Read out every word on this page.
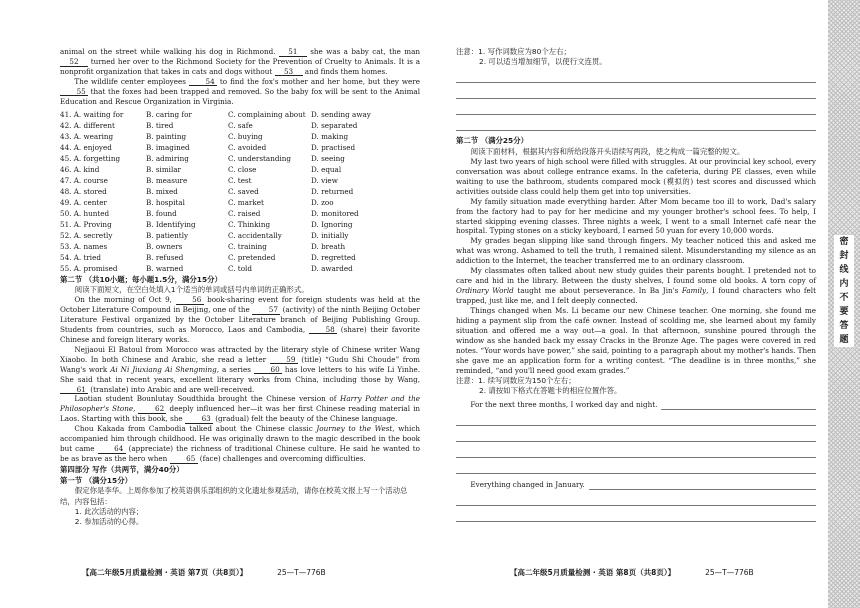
animal on the street while walking his dog in Richmond. 51 she was a baby cat, the man 52 turned her over to the Richmond Society for the Prevention of Cruelty to Animals. It is a nonprofit organization that takes in cats and dogs without 53 and finds them homes.
The wildlife center employees 54 to find the fox's mother and her home, but they were 55 that the foxes had been trapped and removed. So the baby fox will be sent to the Animal Education and Rescue Organization in Virginia.
41. A. waiting for	B. caring for	C. complaining about D. sending away
42. A. different	B. tired	C. safe	D. separated
43. A. wearing	B. painting	C. buying	D. making
44. A. enjoyed	B. imagined	C. avoided	D. practised
45. A. forgetting	B. admiring	C. understanding	D. seeing
46. A. kind	B. similar	C. close	D. equal
47. A. course	B. measure	C. test	D. view
48. A. stored	B. mixed	C. saved	D. returned
49. A. center	B. hospital	C. market	D. zoo
50. A. hunted	B. found	C. raised	D. monitored
51. A. Proving	B. Identifying	C. Thinking	D. Ignoring
52. A. secretly	B. patiently	C. accidentally	D. initially
53. A. names	B. owners	C. training	D. breath
54. A. tried	B. refused	C. pretended	D. regretted
55. A. promised	B. warned	C. told	D. awarded
第二节 （共10小题；每小题1.5分，满分15分）
阅读下面短文，在空白处填入1个适当的单词或括号内单词的正确形式。
On the morning of Oct 9, 56 book-sharing event for foreign students was held at the October Literature Compound in Beijing, one of the 57 (activity) of the ninth Beijing October Literature Festival organized by the October Literature branch of Beijing Publishing Group. Students from countries, such as Morocco, Laos and Cambodia, 58 (share) their favorite Chinese and foreign literary works.
Nejjaoui El Batoul from Morocco was attracted by the literary style of Chinese writer Wang Xiaobo. In both Chinese and Arabic, she read a letter 59 (title) “Gudu Shi Choude” from Wang's work Ai Ni Jiuxiang Ai Shengming, a series 60 has love letters to his wife Li Yinhe. She said that in recent years, excellent literary works from China, including those by Wang, 61 (translate) into Arabic and are well-received.
Laotian student Bounlutay Soudthida brought the Chinese version of Harry Potter and the Philosopher's Stone, 62 deeply influenced her—it was her first Chinese reading material in Laos. Starting with this book, she 63 (gradual) felt the beauty of the Chinese language.
Chou Kakada from Cambodia talked about the Chinese classic Journey to the West, which accompanied him through childhood. He was originally drawn to the magic described in the book but came 64 (appreciate) the richness of traditional Chinese culture. He said he wanted to be as brave as the hero when 65 (face) challenges and overcoming difficulties.
第四部分 写作（共两节，满分40分）
第一节 （满分15分）
假定你是李华。上周你参加了校英语俱乐部组织的文化遗址参观活动，请你在校英文报上写一个活动总结，内容包括：
1. 此次活动的内容；
2. 参加活动的心得。
【高二年级5月质量检测 · 英语 第7页（共8页）】	25—T—776B
注意：1. 写作词数应为80个左右；
2. 可以适当增加细节，以使行文连贯。
第二节 （满分25分）
阅读下面材料，根据其内容和所给段落开头语续写两段，使之构成一篇完整的短文。
My last two years of high school were filled with struggles. At our provincial key school, every conversation was about college entrance exams. In the cafeteria, during PE classes, even while waiting to use the bathroom, students compared mock (模拟的) test scores and discussed which activities outside class could help them get into top universities.
My family situation made everything harder. After Mom became too ill to work, Dad's salary from the factory had to pay for her medicine and my younger brother's school fees. To help, I started skipping evening classes. Three nights a week, I went to a small Internet café near the hospital. Typing stones on a sticky keyboard, I earned 50 yuan for every 10,000 words.
My grades began slipping like sand through fingers. My teacher noticed this and asked me what was wrong. Ashamed to tell the truth, I remained silent. Misunderstanding my silence as an addiction to the Internet, the teacher transferred me to an ordinary classroom.
My classmates often talked about new study guides their parents bought. I pretended not to care and hid in the library. Between the dusty shelves, I found some old books. A torn copy of Ordinary World taught me about perseverance. In Ba Jin's Family, I found characters who felt trapped, just like me, and I felt deeply connected.
Things changed when Ms. Li became our new Chinese teacher. One morning, she found me hiding a payment slip from the café owner. Instead of scolding me, she learned about my family situation and offered me a way out—a goal. In that afternoon, sunshine poured through the window as she handed back my essay Cracks in the Bronze Age. The pages were covered in red notes. “Your words have power,” she said, pointing to a paragraph about my mother's hands. Then she gave me an application form for a writing contest. “The deadline is in three months,” she reminded, “and you'll need good exam grades.”
注意：1. 续写词数应为150个左右；
2. 请按如下格式在答题卡的相应位置作答。
For the next three months, I worked day and night.
Everything changed in January.
【高二年级5月质量检测 · 英语 第8页（共8页）】	25—T—776B
密
封
线
内
不
要
答
题
